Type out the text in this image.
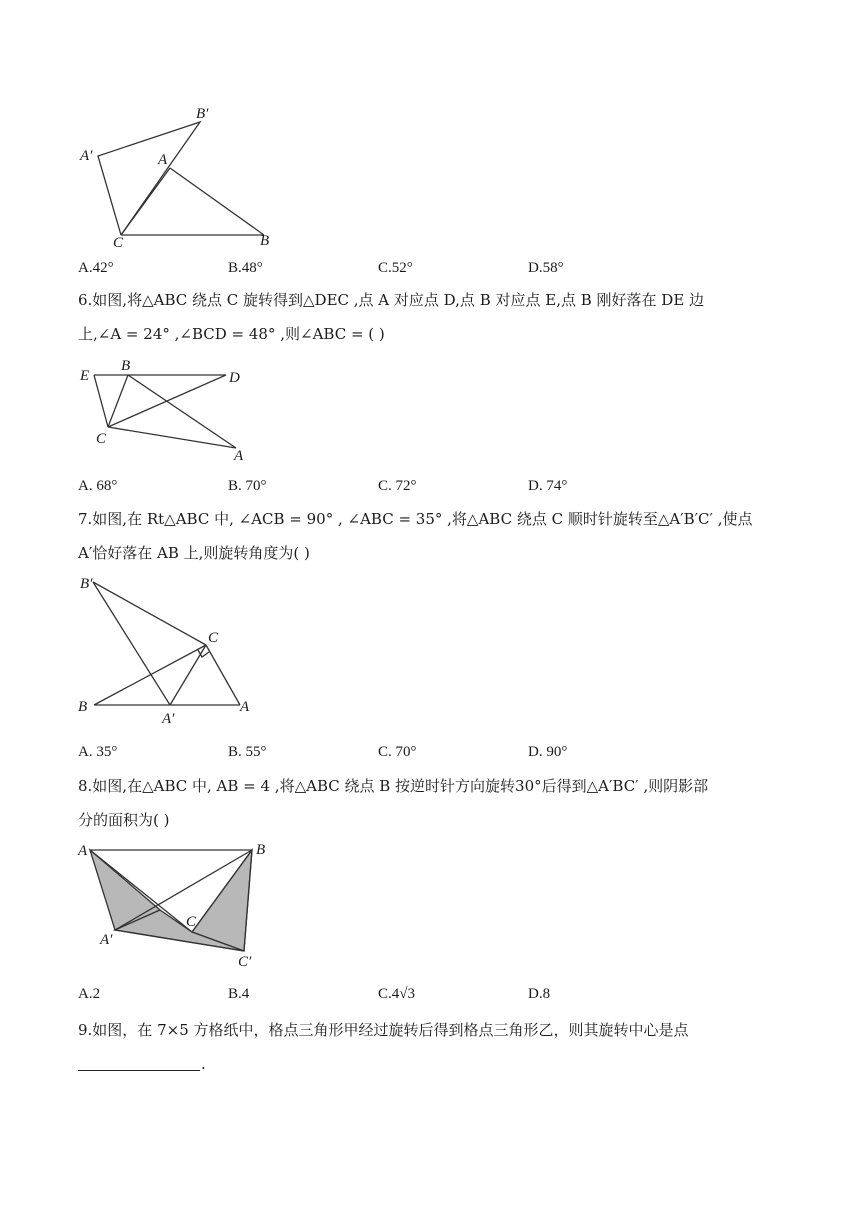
B′
A′	A
C	B
A.42°	B.48°	C.52°	D.58°
6.如图,将△ABC 绕点 C 旋转得到△DEC ,点 A 对应点 D,点 B 对应点 E,点 B 刚好落在 DE 边
上,∠A = 24° ,∠BCD = 48° ,则∠ABC = ( )
E
B
D
C
A
A. 68°	B. 70°	C. 72°	D. 74°
7.如图,在 Rt△ABC 中, ∠ACB = 90° , ∠ABC = 35° ,将△ABC 绕点 C 顺时针旋转至△A′B′C′ ,使点
A′恰好落在 AB 上,则旋转角度为( )
B′
C
B
A′
A
A. 35°	B. 55°	C. 70°	D. 90°
8.如图,在△ABC 中, AB = 4 ,将△ABC 绕点 B 按逆时针方向旋转30°后得到△A′BC′ ,则阴影部
分的面积为( )
A	B
C
A′
C′
A.2	B.4	C.4√3	D.8
9.如图，在 7×5 方格纸中，格点三角形甲经过旋转后得到格点三角形乙，则其旋转中心是点
.
